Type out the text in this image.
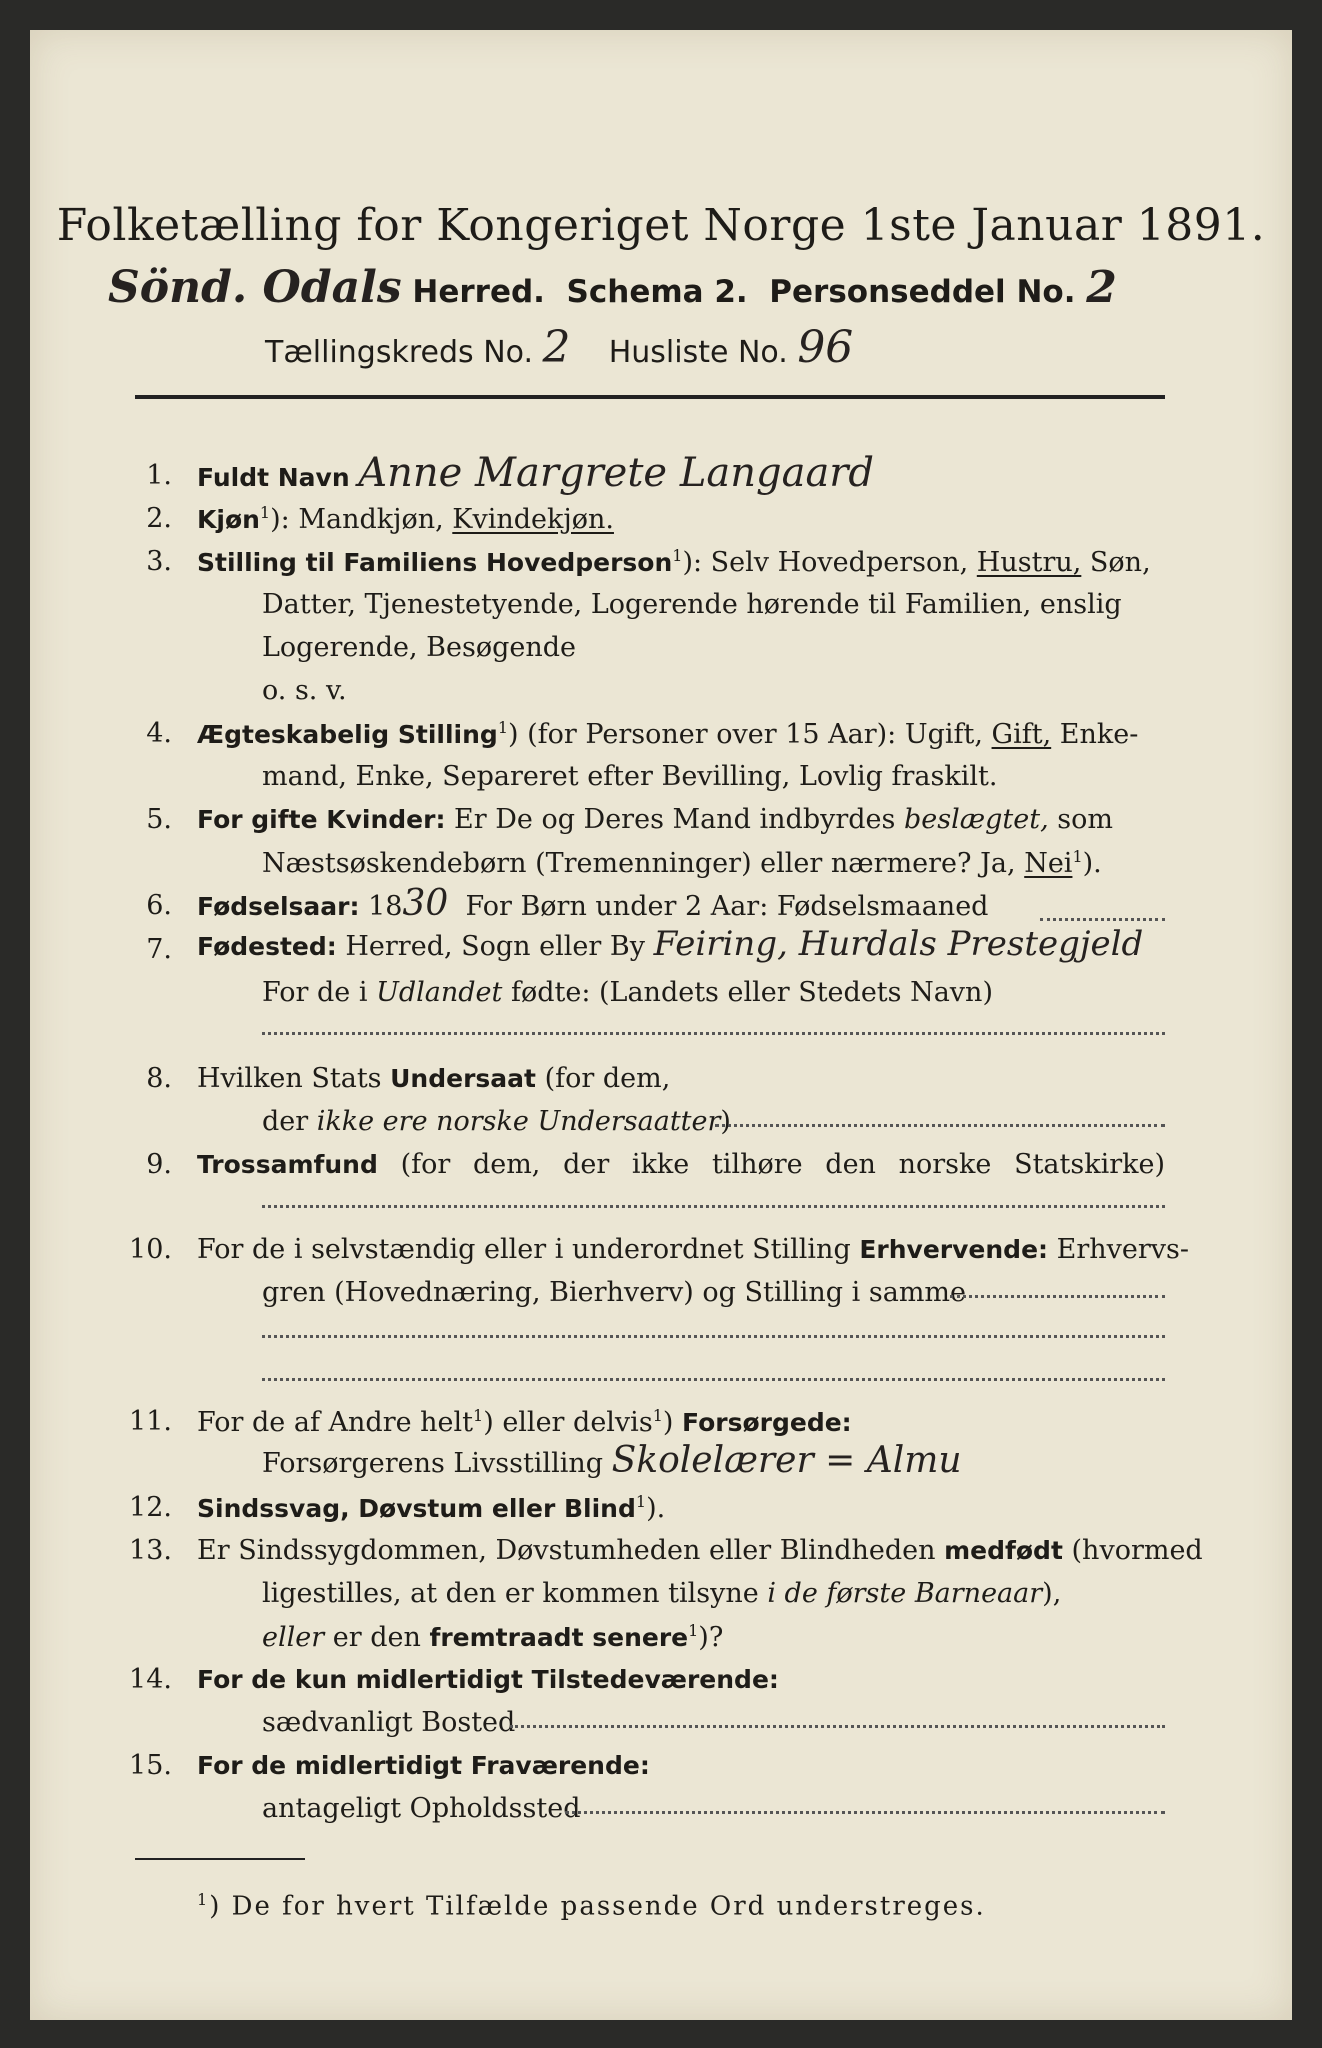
Folketælling for Kongeriget Norge 1ste Januar 1891.
Sönd. Odals Herred. Schema 2. Personseddel No. 2
Tællingskreds No. 2 Husliste No. 96
1. Fuldt Navn Anne Margrete Langaard
2. Kjøn$^1$): Mandkjøn, Kvindekjøn.
3. Stilling til Familiens Hovedperson$^1$): Selv Hovedperson, Hustru, Søn,
Datter, Tjenestetyende, Logerende hørende til Familien, enslig
Logerende, Besøgende
o. s. v.
4. Ægteskabelig Stilling$^1$) (for Personer over 15 Aar): Ugift, Gift, Enke-
mand, Enke, Separeret efter Bevilling, Lovlig fraskilt.
5. For gifte Kvinder: Er De og Deres Mand indbyrdes beslægtet, som
Næstsøskendebørn (Tremenninger) eller nærmere? Ja, Nei$^1$).
6. Fødselsaar: 1830 For Børn under 2 Aar: Fødselsmaaned
7. Fødested: Herred, Sogn eller By Feiring, Hurdals Prestegjeld
For de i Udlandet fødte: (Landets eller Stedets Navn)
8. Hvilken Stats Undersaat (for dem,
der ikke ere norske Undersaatter)
9. Trossamfund (for dem, der ikke tilhøre den norske Statskirke)
10. For de i selvstændig eller i underordnet Stilling Erhvervende: Erhvervs-
gren (Hovednæring, Bierhverv) og Stilling i samme
11. For de af Andre helt$^1$) eller delvis$^1$) Forsørgede:
Forsørgerens Livsstilling Skolelærer = Almu
12. Sindssvag, Døvstum eller Blind$^1$).
13. Er Sindssygdommen, Døvstumheden eller Blindheden medfødt (hvormed
ligestilles, at den er kommen tilsyne i de første Barneaar),
eller er den fremtraadt senere$^1$)?
14. For de kun midlertidigt Tilstedeværende:
sædvanligt Bosted
15. For de midlertidigt Fraværende:
antageligt Opholdssted
$^1$) De for hvert Tilfælde passende Ord understreges.
